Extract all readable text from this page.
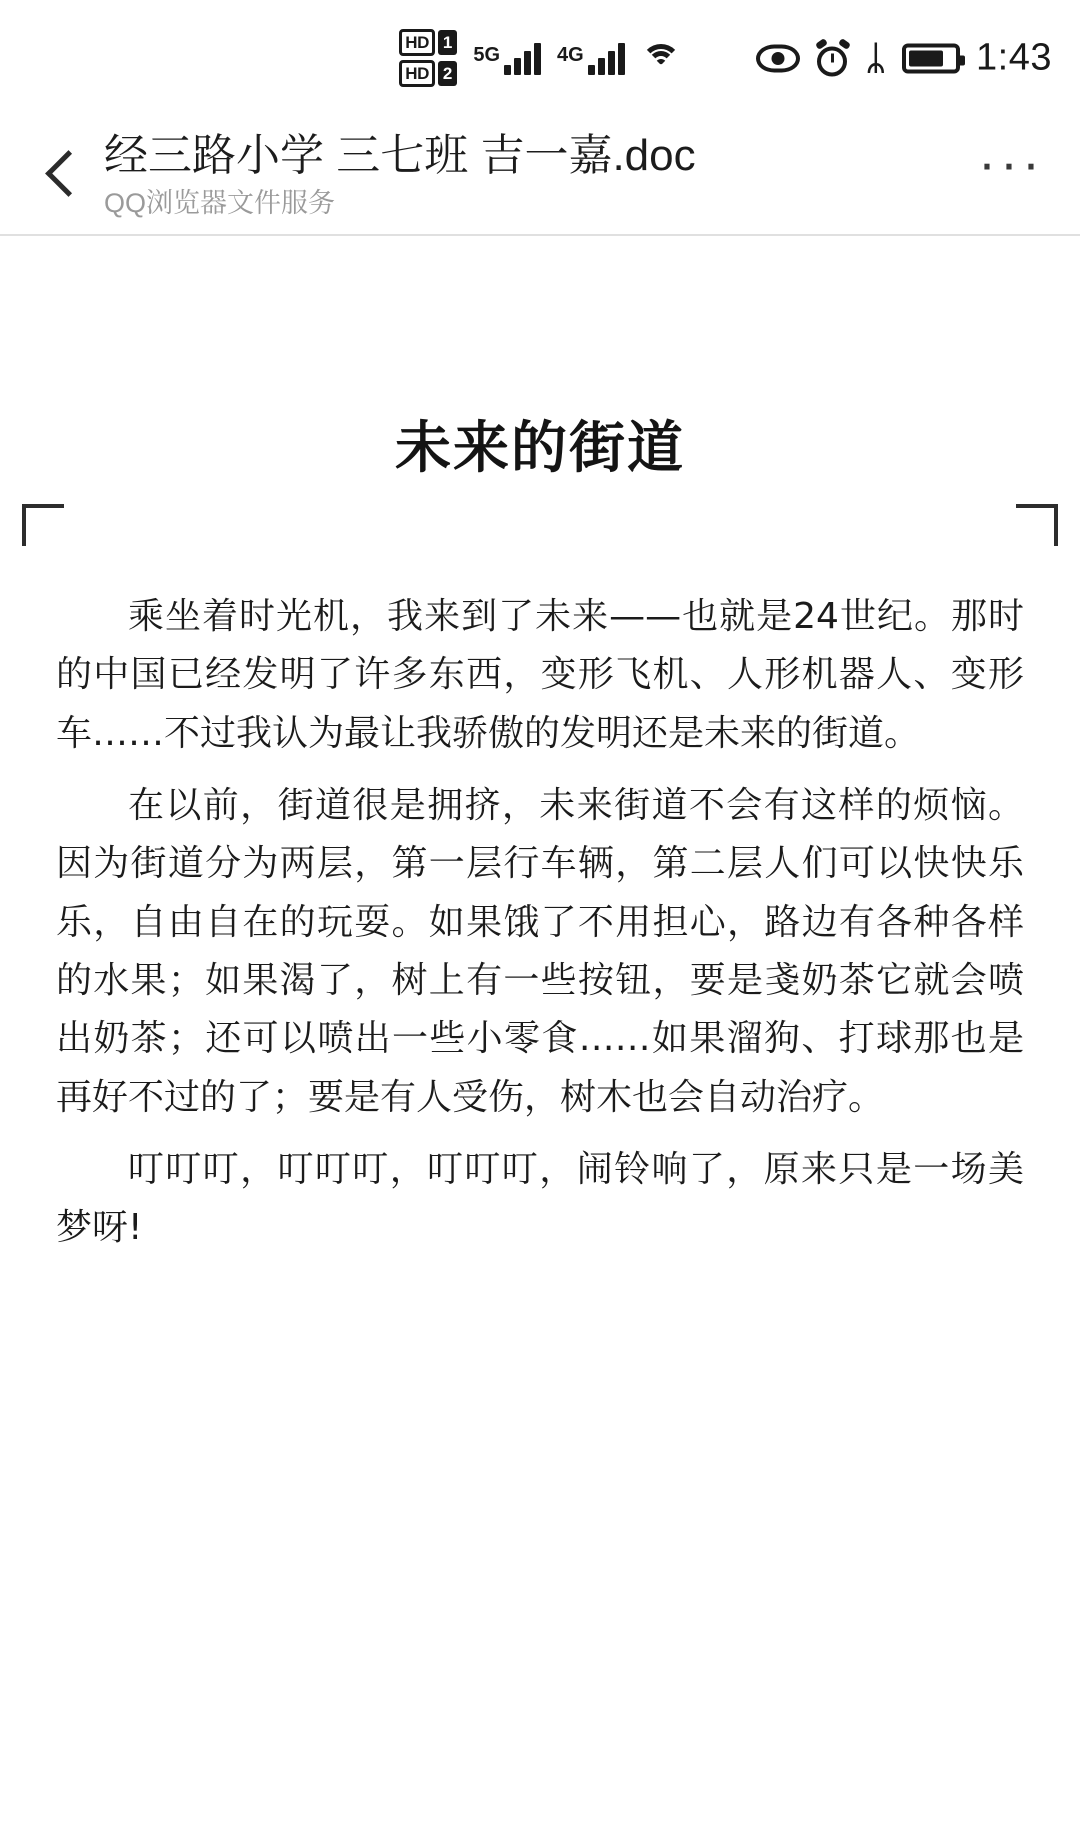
HD 1
HD 2
5G	4G	ᛦ 1:43
经三路小学 三七班 吉一嘉.doc
QQ浏览器文件服务
···
未来的街道

乘坐着时光机，我来到了未来——也就是24世纪。那时的中国已经发明了许多东西，变形飞机、人形机器人、变形车……不过我认为最让我骄傲的发明还是未来的街道。

在以前，街道很是拥挤，未来街道不会有这样的烦恼。因为街道分为两层，第一层行车辆，第二层人们可以快快乐乐，自由自在的玩耍。如果饿了不用担心，路边有各种各样的水果；如果渴了，树上有一些按钮，要是戔奶茶它就会喷出奶茶；还可以喷出一些小零食……如果溜狗、打球那也是再好不过的了；要是有人受伤，树木也会自动治疗。

叮叮叮，叮叮叮，叮叮叮，闹铃响了，原来只是一场美梦呀!
